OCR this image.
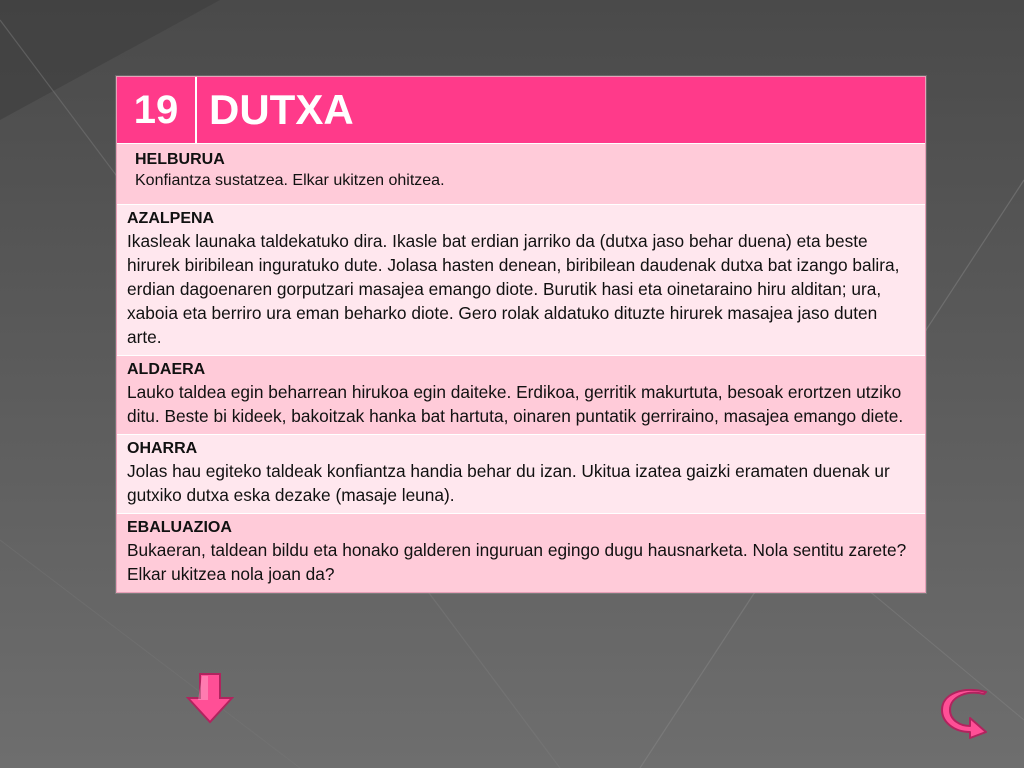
19 DUTXA
HELBURUA
Konfiantza sustatzea. Elkar ukitzen ohitzea.
AZALPENA
Ikasleak launaka taldekatuko dira. Ikasle bat erdian jarriko da (dutxa jaso behar duena) eta beste hirurek biribilean inguratuko dute. Jolasa hasten denean, biribilean daudenak dutxa bat izango balira, erdian dagoenaren gorputzari masajea emango diote. Burutik hasi eta oinetaraino hiru alditan; ura, xaboia eta berriro ura eman beharko diote. Gero rolak aldatuko dituzte hirurek masajea jaso duten arte.
ALDAERA
Lauko taldea egin beharrean hirukoa egin daiteke. Erdikoa, gerritik makurtuta, besoak erortzen utziko ditu. Beste bi kideek, bakoitzak hanka bat hartuta, oinaren puntatik gerriraino, masajea emango diete.
OHARRA
Jolas hau egiteko taldeak konfiantza handia behar du izan. Ukitua izatea gaizki eramaten duenak ur gutxiko dutxa eska dezake (masaje leuna).
EBALUAZIOA
Bukaeran, taldean bildu eta honako galderen inguruan egingo dugu hausnarketa. Nola sentitu zarete? Elkar ukitzea nola joan da?
